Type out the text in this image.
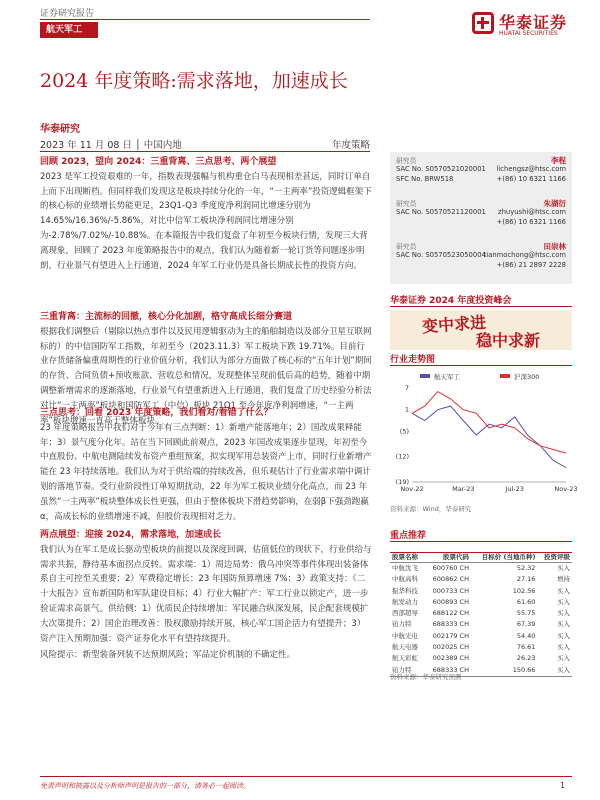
证券研究报告
航天军工	华泰证券
HUATAI SECURITIES
2024 年度策略:需求落地，加速成长
华泰研究
2023 年 11 月 08 日 │ 中国内地	年度策略
回顾 2023，望向 2024：三重背离、三点思考、两个展望
2023 是军工投资艰难的一年，指数表现强幅与机构重仓白马表现相差甚远，同时订单自上而下出现断档。但同样我们发现这是板块持续分化的一年，“一主两率”投资逻辑框架下的核心标的业绩增长势能更足，23Q1-Q3 季度度净利润同比增速分别为 14.65%/16.36%/-5.86%，对比中信军工板块净利润同比增速分别为-2.78%/7.02%/-10.88%。在本篇报告中我们复盘了年初至今板块行情，发现三大背离现象，回顾了 2023 年度策略报告中的观点，我们认为随着新一轮订货等问题逐步明朗，行业景气有望进入上行通道，2024 年军工行业仍是具备长期成长性的投资方向。
三重背离：主流标的回撤，核心分化加剧，格守高成长细分赛道
根据我们调整后（剔除以热点事件以及民用逻辑驱动为主的船舶制造以及部分卫星互联网标的）的中信国防军工指数，年初至今（2023.11.3）军工板块下跌 19.71%。目前行业存货储备偏重周期性的行业价值分析，我们认为部分方面做了核心标的“五年计划”期间的存货、合同负债+预收账款、营收总和情况，发现整体呈现前低后高的趋势，随着中期调整新增需求的逐渐落地，行业景气有望重新进入上行通道，我们复盘了历史经验分析法对比“一主两率”板块和国防军工（中信）板块 21Q1 至今年度净利润增速，“一主两率”板块增速一直高于整体板块。
三点思考：回看 2023 年度策略，我们看对/看错了什么？
23 年度策略报告中我们对于今年有三点判断：1）新增产能落地年；2）国改成果释能年；3）景气度分化年。站在当下回顾此前观点，2023 年国改成果逐步显现，年初至今中直股份、中航电测陆续发布资产重组预案，拟实现军用总装资产上市，同时行业新增产能在 23 年持续落地。我们认为对于供给端的持续改善，但乐观估计了行业需求端中调计划的落地节奏。受行业阶段性订单短期扰动，22 年为军工板块业绩分化高点，而 23 年虽然“一主两率”板块整体成长性更强，但由于整体板块下滑趋势影响，在弱β下强劲跑赢 α，高成长标的业绩增速不减，但股价表现相对乏力。
两点展望：迎接 2024，需求落地，加速成长
我们认为在军工是成长驱动型板块的前提以及深度回调，估值低位的现状下，行业供给与需求共振，静待基本面拐点反转。需求端：1）周边局势：俄乌冲突等事件体现出装备体系自主可控至关重要；2）军费稳定增长：23 年国防预算增速 7%；3）政策支持：《二十大报告》宣布新国防和军队建设目标；4）行业大幅扩产：军工行业以锁定产，进一步验证需求高景气。供给侧：1）优质民企持续增加：军民融合纵深发展，民企配套规模扩大次第提升；2）国企治理改善：股权激励持续开展，核心军工国企活力有望提升；3）资产注入预期加强：资产证券化水平有望持续提升。
风险提示：新型装备列装不达预期风险；军品定价机制的不确定性。
研究员	李程
SAC No. S0570521020001 lichengsz@htsc.com
SFC No. BRW518	+(86) 10 6321 1166
研究员	朱湖衍
SAC No. S0570521120001 zhuyushi@htsc.com
+(86) 10 6321 1166
研究员	田崇林
SAC No. S0570523050004
tianmochong@htsc.com
+(86) 21 2897 2228
华泰证券 2024 年度投资峰会
变中求进
稳中求新
行业走势图
航天军工	沪深300
7
1
(5)
(12)
(19)
Nov-22	Mar-23	Jul-23	Nov-23
资料来源：Wind，华泰研究
重点推荐
股票名称	股票代码	目标价 (当地币种)	投资评级
中航沈飞	600760 CH	52.32	买入
中航高科	600862 CH	27.16	增持
振华科技	000733 CH	102.56	买入
航发动力	600893 CH	61.60	买入
西部超导	688122 CH	55.75	买入
铂力特	688333 CH	67.39	买入
中航光电	002179 CH	54.40	买入
航天电器	002025 CH	76.61	买入
航天彩虹	002389 CH	26.23	买入
铂力特	688333 CH	150.66	买入
资料来源：华泰研究预测
免责声明和披露以及分析师声明是报告的一部分，请务必一起阅读。	1
